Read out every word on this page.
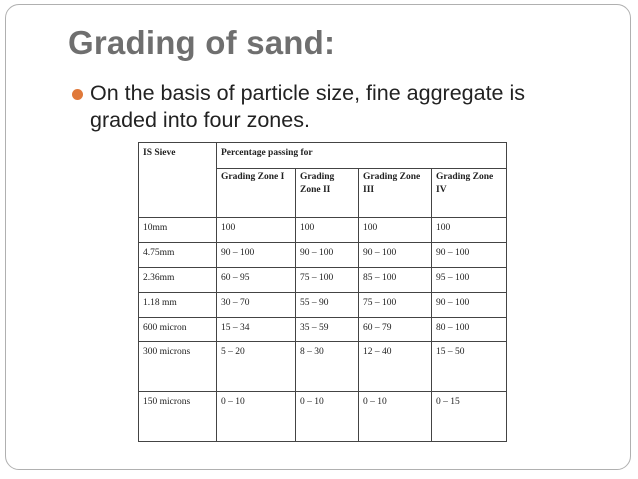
Grading of sand:

On the basis of particle size, fine aggregate is graded into four zones.

IS Sieve	Percentage passing for			
	Grading Zone I	Grading Zone II	Grading Zone III	Grading Zone IV
10mm	100	100	100	100
4.75mm	90 – 100	90 – 100	90 – 100	90 – 100
2.36mm	60 – 95	75 – 100	85 – 100	95 – 100
1.18 mm	30 – 70	55 – 90	75 – 100	90 – 100
600 micron	15 – 34	35 – 59	60 – 79	80 – 100
300 microns	5 – 20	8 – 30	12 – 40	15 – 50
150 microns	0 – 10	0 – 10	0 – 10	0 – 15
